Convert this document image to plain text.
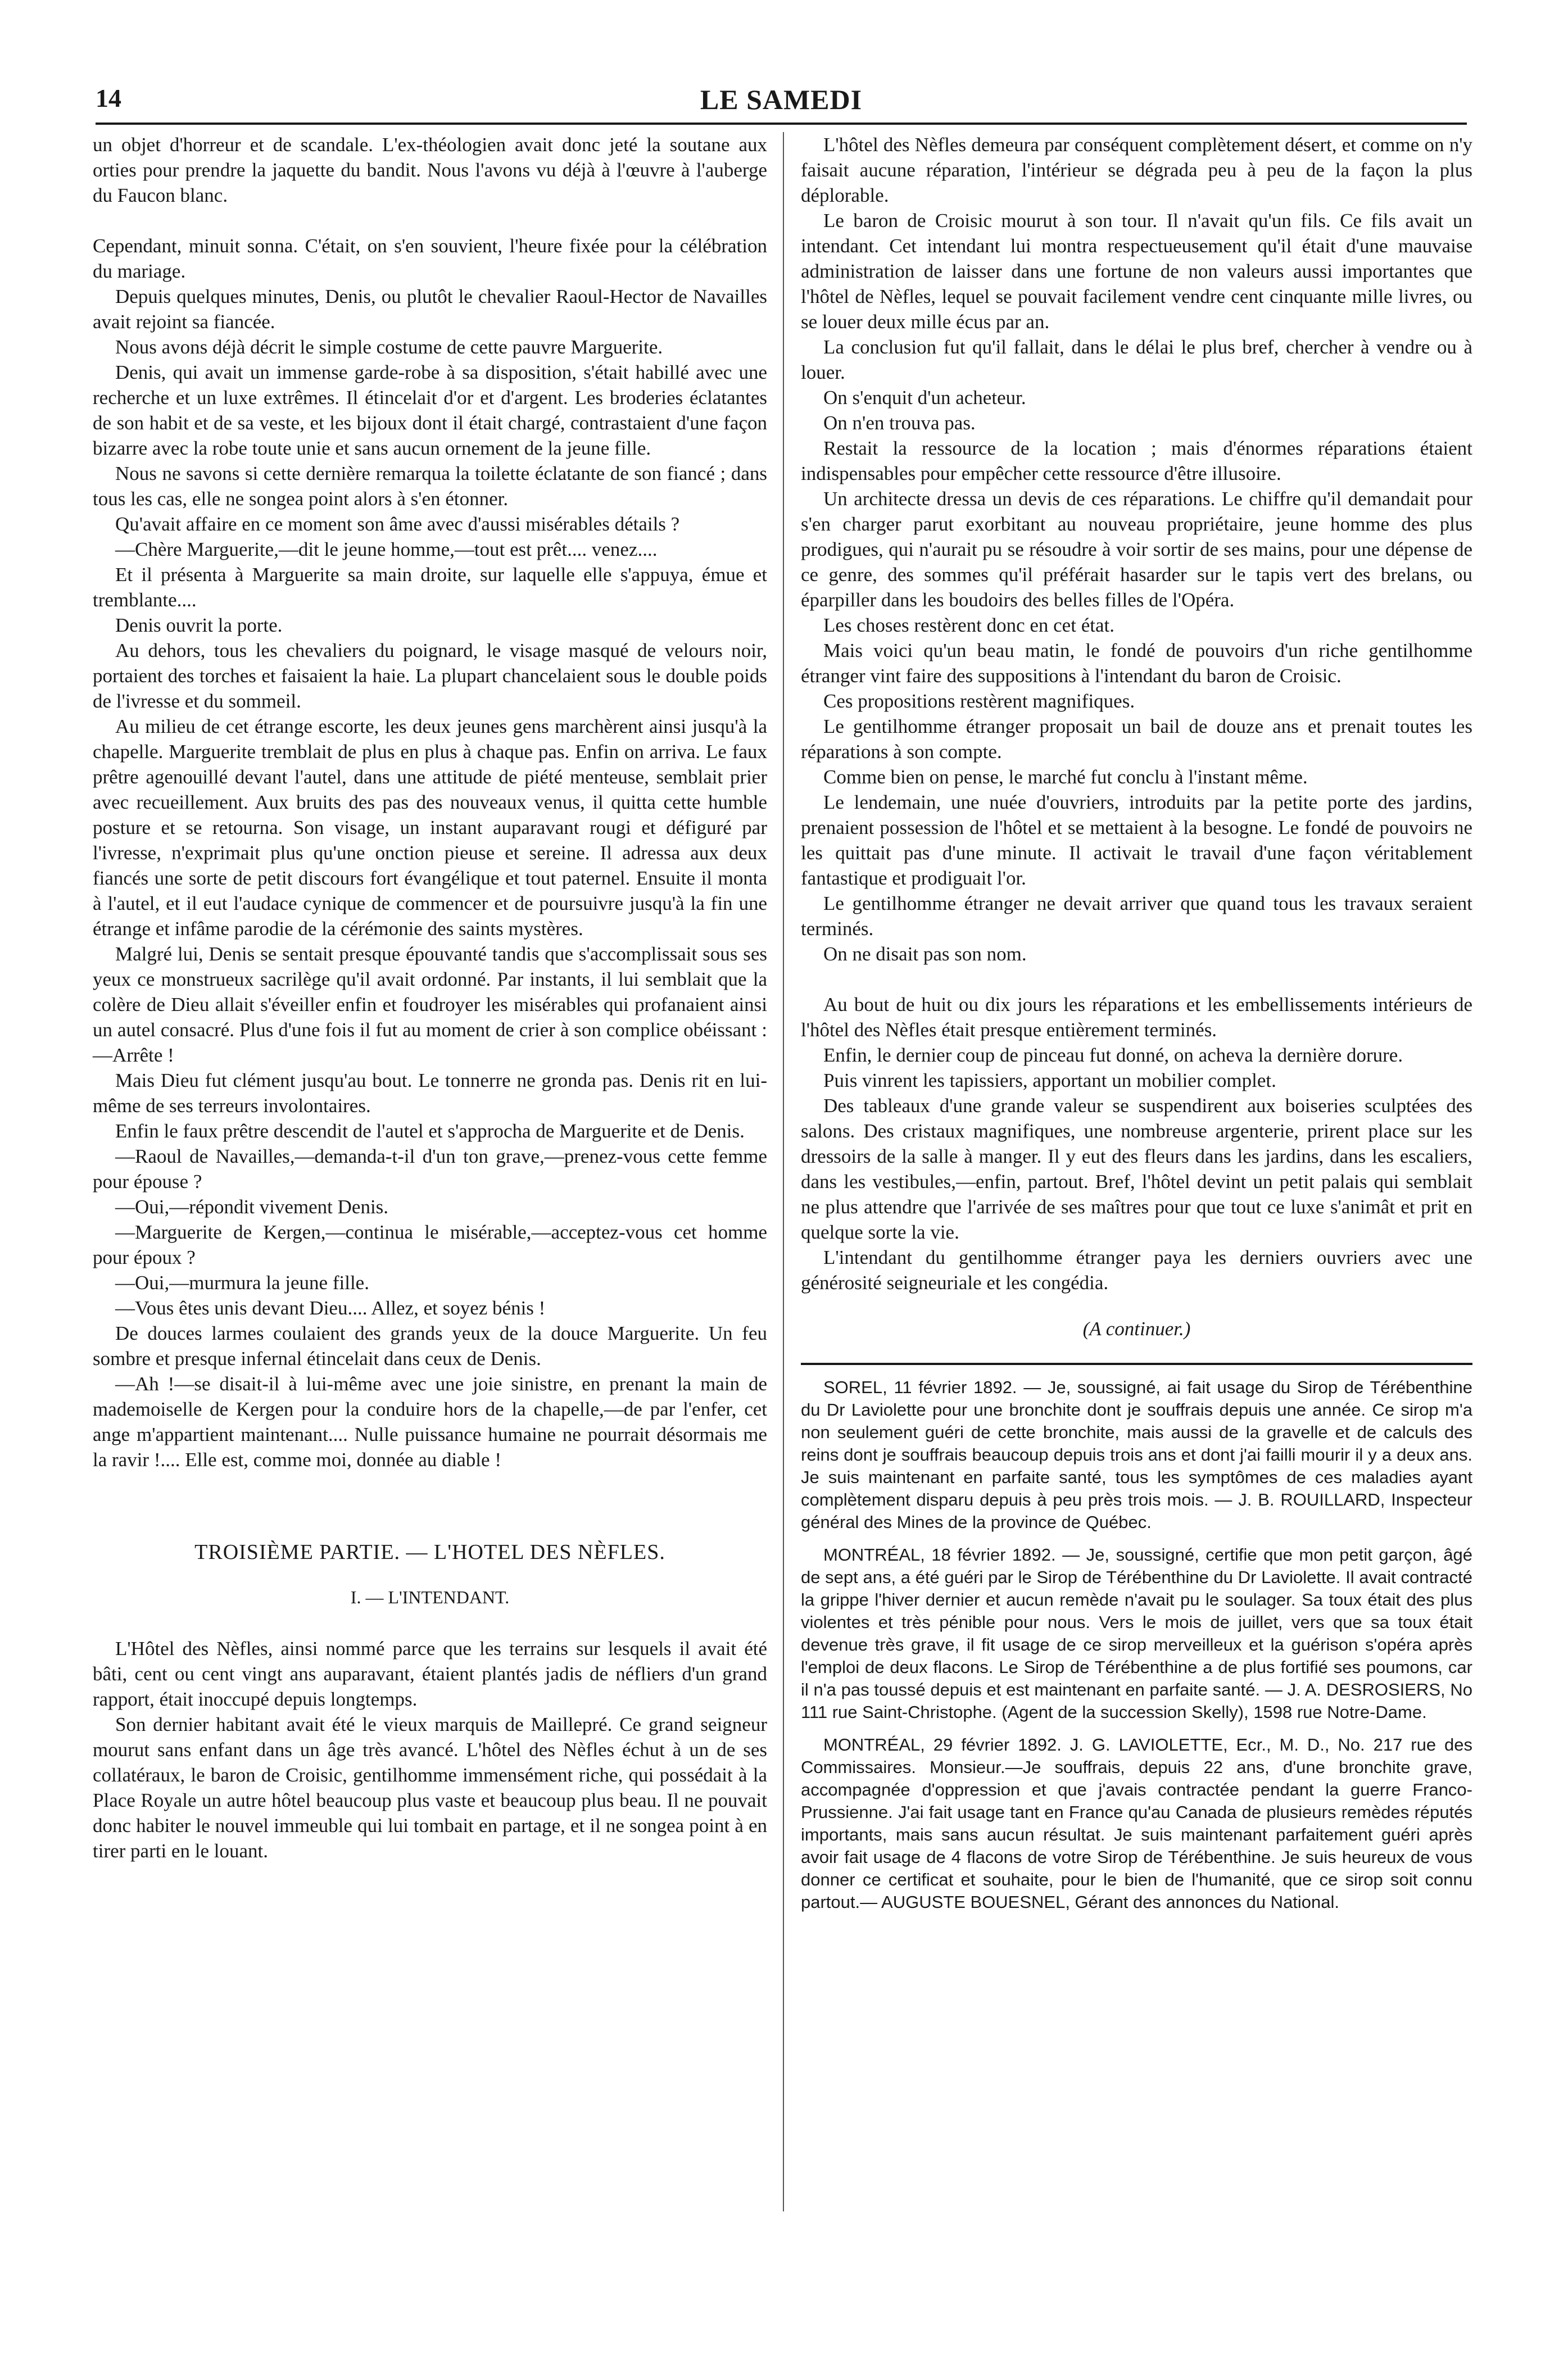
14	LE SAMEDI

un objet d'horreur et de scandale. L'ex-théologien avait donc jeté la soutane aux orties pour prendre la jaquette du bandit. Nous l'avons vu déjà à l'œuvre à l'auberge du Faucon blanc.

Cependant, minuit sonna. C'était, on s'en souvient, l'heure fixée pour la célébration du mariage.

Depuis quelques minutes, Denis, ou plutôt le chevalier Raoul-Hector de Navailles avait rejoint sa fiancée.

Nous avons déjà décrit le simple costume de cette pauvre Marguerite.

Denis, qui avait un immense garde-robe à sa disposition, s'était habillé avec une recherche et un luxe extrêmes. Il étincelait d'or et d'argent. Les broderies éclatantes de son habit et de sa veste, et les bijoux dont il était chargé, contrastaient d'une façon bizarre avec la robe toute unie et sans aucun ornement de la jeune fille.

Nous ne savons si cette dernière remarqua la toilette éclatante de son fiancé ; dans tous les cas, elle ne songea point alors à s'en étonner.

Qu'avait affaire en ce moment son âme avec d'aussi misérables détails ?

—Chère Marguerite,—dit le jeune homme,—tout est prêt.... venez....

Et il présenta à Marguerite sa main droite, sur laquelle elle s'appuya, émue et tremblante....

Denis ouvrit la porte.

Au dehors, tous les chevaliers du poignard, le visage masqué de velours noir, portaient des torches et faisaient la haie. La plupart chancelaient sous le double poids de l'ivresse et du sommeil.

Au milieu de cet étrange escorte, les deux jeunes gens marchèrent ainsi jusqu'à la chapelle. Marguerite tremblait de plus en plus à chaque pas. Enfin on arriva. Le faux prêtre agenouillé devant l'autel, dans une attitude de piété menteuse, semblait prier avec recueillement. Aux bruits des pas des nouveaux venus, il quitta cette humble posture et se retourna. Son visage, un instant auparavant rougi et défiguré par l'ivresse, n'exprimait plus qu'une onction pieuse et sereine. Il adressa aux deux fiancés une sorte de petit discours fort évangélique et tout paternel. Ensuite il monta à l'autel, et il eut l'audace cynique de commencer et de poursuivre jusqu'à la fin une étrange et infâme parodie de la cérémonie des saints mystères.

Malgré lui, Denis se sentait presque épouvanté tandis que s'accomplissait sous ses yeux ce monstrueux sacrilège qu'il avait ordonné. Par instants, il lui semblait que la colère de Dieu allait s'éveiller enfin et foudroyer les misérables qui profanaient ainsi un autel consacré. Plus d'une fois il fut au moment de crier à son complice obéissant :—Arrête !

Mais Dieu fut clément jusqu'au bout. Le tonnerre ne gronda pas. Denis rit en lui-même de ses terreurs involontaires.

Enfin le faux prêtre descendit de l'autel et s'approcha de Marguerite et de Denis.

—Raoul de Navailles,—demanda-t-il d'un ton grave,—prenez-vous cette femme pour épouse ?

—Oui,—répondit vivement Denis.

—Marguerite de Kergen,—continua le misérable,—acceptez-vous cet homme pour époux ?

—Oui,—murmura la jeune fille.

—Vous êtes unis devant Dieu.... Allez, et soyez bénis !

De douces larmes coulaient des grands yeux de la douce Marguerite. Un feu sombre et presque infernal étincelait dans ceux de Denis.

—Ah !—se disait-il à lui-même avec une joie sinistre, en prenant la main de mademoiselle de Kergen pour la conduire hors de la chapelle,—de par l'enfer, cet ange m'appartient maintenant.... Nulle puissance humaine ne pourrait désormais me la ravir !.... Elle est, comme moi, donnée au diable !

TROISIÈME PARTIE. — L'HOTEL DES NÈFLES.
I. — L'INTENDANT.

L'Hôtel des Nèfles, ainsi nommé parce que les terrains sur lesquels il avait été bâti, cent ou cent vingt ans auparavant, étaient plantés jadis de néfliers d'un grand rapport, était inoccupé depuis longtemps.

Son dernier habitant avait été le vieux marquis de Maillepré. Ce grand seigneur mourut sans enfant dans un âge très avancé. L'hôtel des Nèfles échut à un de ses collatéraux, le baron de Croisic, gentilhomme immensément riche, qui possédait à la Place Royale un autre hôtel beaucoup plus vaste et beaucoup plus beau. Il ne pouvait donc habiter le nouvel immeuble qui lui tombait en partage, et il ne songea point à en tirer parti en le louant.

L'hôtel des Nèfles demeura par conséquent complètement désert, et comme on n'y faisait aucune réparation, l'intérieur se dégrada peu à peu de la façon la plus déplorable.

Le baron de Croisic mourut à son tour. Il n'avait qu'un fils. Ce fils avait un intendant. Cet intendant lui montra respectueusement qu'il était d'une mauvaise administration de laisser dans une fortune de non valeurs aussi importantes que l'hôtel de Nèfles, lequel se pouvait facilement vendre cent cinquante mille livres, ou se louer deux mille écus par an.

La conclusion fut qu'il fallait, dans le délai le plus bref, chercher à vendre ou à louer.

On s'enquit d'un acheteur.

On n'en trouva pas.

Restait la ressource de la location ; mais d'énormes réparations étaient indispensables pour empêcher cette ressource d'être illusoire.

Un architecte dressa un devis de ces réparations. Le chiffre qu'il demandait pour s'en charger parut exorbitant au nouveau propriétaire, jeune homme des plus prodigues, qui n'aurait pu se résoudre à voir sortir de ses mains, pour une dépense de ce genre, des sommes qu'il préférait hasarder sur le tapis vert des brelans, ou éparpiller dans les boudoirs des belles filles de l'Opéra.

Les choses restèrent donc en cet état.

Mais voici qu'un beau matin, le fondé de pouvoirs d'un riche gentilhomme étranger vint faire des suppositions à l'intendant du baron de Croisic.

Ces propositions restèrent magnifiques.

Le gentilhomme étranger proposait un bail de douze ans et prenait toutes les réparations à son compte.

Comme bien on pense, le marché fut conclu à l'instant même.

Le lendemain, une nuée d'ouvriers, introduits par la petite porte des jardins, prenaient possession de l'hôtel et se mettaient à la besogne. Le fondé de pouvoirs ne les quittait pas d'une minute. Il activait le travail d'une façon véritablement fantastique et prodiguait l'or.

Le gentilhomme étranger ne devait arriver que quand tous les travaux seraient terminés.

On ne disait pas son nom.

Au bout de huit ou dix jours les réparations et les embellissements intérieurs de l'hôtel des Nèfles était presque entièrement terminés.

Enfin, le dernier coup de pinceau fut donné, on acheva la dernière dorure.

Puis vinrent les tapissiers, apportant un mobilier complet.

Des tableaux d'une grande valeur se suspendirent aux boiseries sculptées des salons. Des cristaux magnifiques, une nombreuse argenterie, prirent place sur les dressoirs de la salle à manger. Il y eut des fleurs dans les jardins, dans les escaliers, dans les vestibules,—enfin, partout. Bref, l'hôtel devint un petit palais qui semblait ne plus attendre que l'arrivée de ses maîtres pour que tout ce luxe s'animât et prit en quelque sorte la vie.

L'intendant du gentilhomme étranger paya les derniers ouvriers avec une générosité seigneuriale et les congédia.

(A continuer.)

SOREL, 11 février 1892. — Je, soussigné, ai fait usage du Sirop de Térébenthine du Dr Laviolette pour une bronchite dont je souffrais depuis une année. Ce sirop m'a non seulement guéri de cette bronchite, mais aussi de la gravelle et de calculs des reins dont je souffrais beaucoup depuis trois ans et dont j'ai failli mourir il y a deux ans. Je suis maintenant en parfaite santé, tous les symptômes de ces maladies ayant complètement disparu depuis à peu près trois mois. — J. B. ROUILLARD, Inspecteur général des Mines de la province de Québec.

MONTRÉAL, 18 février 1892. — Je, soussigné, certifie que mon petit garçon, âgé de sept ans, a été guéri par le Sirop de Térébenthine du Dr Laviolette. Il avait contracté la grippe l'hiver dernier et aucun remède n'avait pu le soulager. Sa toux était des plus violentes et très pénible pour nous. Vers le mois de juillet, vers que sa toux était devenue très grave, il fit usage de ce sirop merveilleux et la guérison s'opéra après l'emploi de deux flacons. Le Sirop de Térébenthine a de plus fortifié ses poumons, car il n'a pas toussé depuis et est maintenant en parfaite santé. — J. A. DESROSIERS, No 111 rue Saint-Christophe. (Agent de la succession Skelly), 1598 rue Notre-Dame.

MONTRÉAL, 29 février 1892. J. G. LAVIOLETTE, Ecr., M. D., No. 217 rue des Commissaires. Monsieur.—Je souffrais, depuis 22 ans, d'une bronchite grave, accompagnée d'oppression et que j'avais contractée pendant la guerre Franco-Prussienne. J'ai fait usage tant en France qu'au Canada de plusieurs remèdes réputés importants, mais sans aucun résultat. Je suis maintenant parfaitement guéri après avoir fait usage de 4 flacons de votre Sirop de Térébenthine. Je suis heureux de vous donner ce certificat et souhaite, pour le bien de l'humanité, que ce sirop soit connu partout.— AUGUSTE BOUESNEL, Gérant des annonces du National.
